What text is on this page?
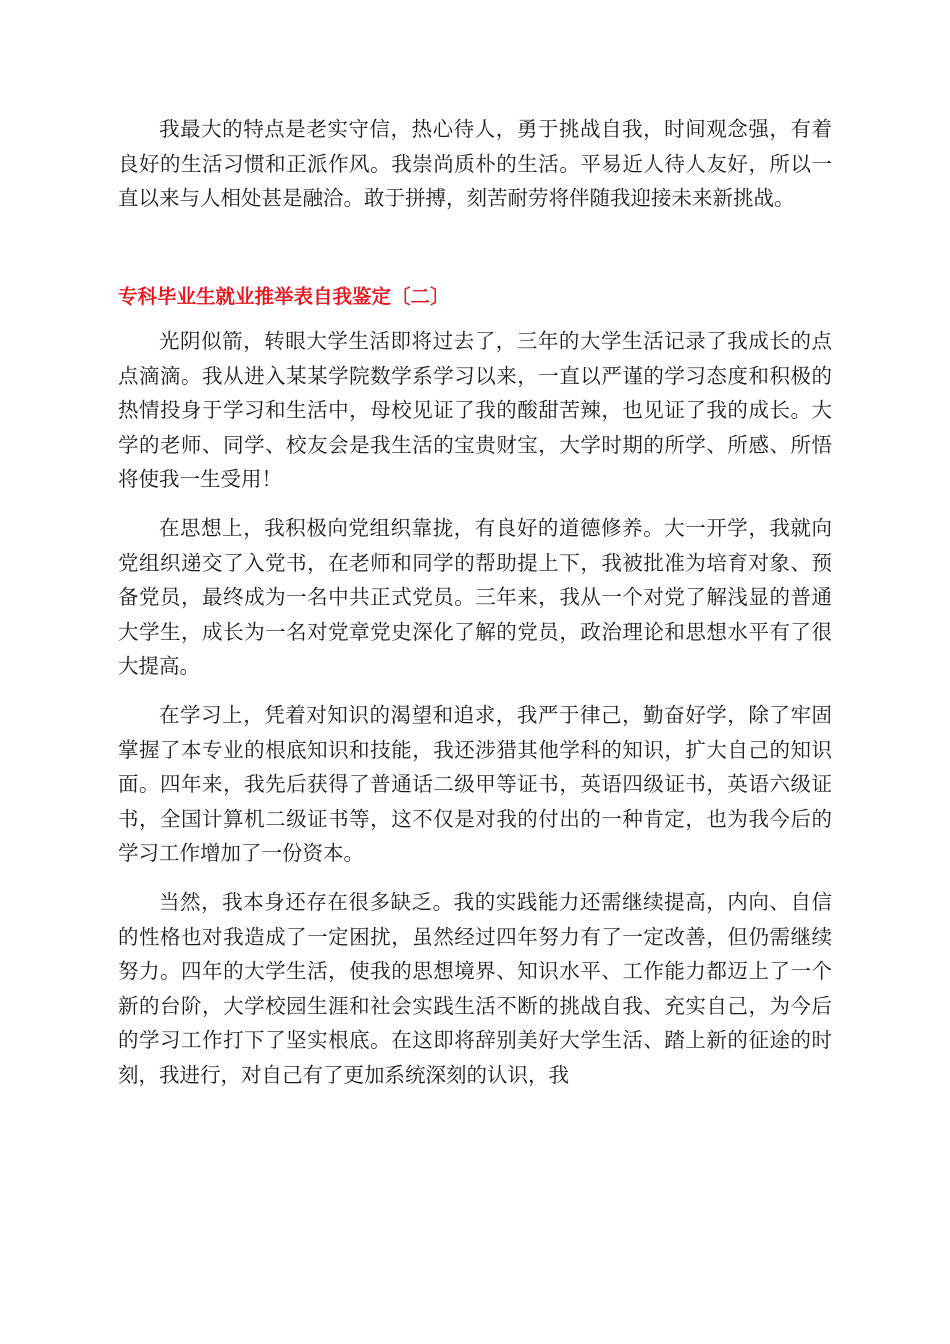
我最大的特点是老实守信，热心待人，勇于挑战自我，时间观念强，有着良好的生活习惯和正派作风。我崇尚质朴的生活。平易近人待人友好，所以一直以来与人相处甚是融洽。敢于拼搏，刻苦耐劳将伴随我迎接未来新挑战。

专科毕业生就业推举表自我鉴定〔二〕

光阴似箭，转眼大学生活即将过去了，三年的大学生活记录了我成长的点点滴滴。我从进入某某学院数学系学习以来，一直以严谨的学习态度和积极的热情投身于学习和生活中，母校见证了我的酸甜苦辣，也见证了我的成长。大学的老师、同学、校友会是我生活的宝贵财宝，大学时期的所学、所感、所悟将使我一生受用！

在思想上，我积极向党组织靠拢，有良好的道德修养。大一开学，我就向党组织递交了入党书，在老师和同学的帮助提上下，我被批准为培育对象、预备党员，最终成为一名中共正式党员。三年来，我从一个对党了解浅显的普通大学生，成长为一名对党章党史深化了解的党员，政治理论和思想水平有了很大提高。

在学习上，凭着对知识的渴望和追求，我严于律己，勤奋好学，除了牢固掌握了本专业的根底知识和技能，我还涉猎其他学科的知识，扩大自己的知识面。四年来，我先后获得了普通话二级甲等证书，英语四级证书，英语六级证书，全国计算机二级证书等，这不仅是对我的付出的一种肯定，也为我今后的学习工作增加了一份资本。

当然，我本身还存在很多缺乏。我的实践能力还需继续提高，内向、自信的性格也对我造成了一定困扰，虽然经过四年努力有了一定改善，但仍需继续努力。四年的大学生活，使我的思想境界、知识水平、工作能力都迈上了一个新的台阶，大学校园生涯和社会实践生活不断的挑战自我、充实自己，为今后的学习工作打下了坚实根底。在这即将辞别美好大学生活、踏上新的征途的时刻，我进行，对自己有了更加系统深刻的认识，我
